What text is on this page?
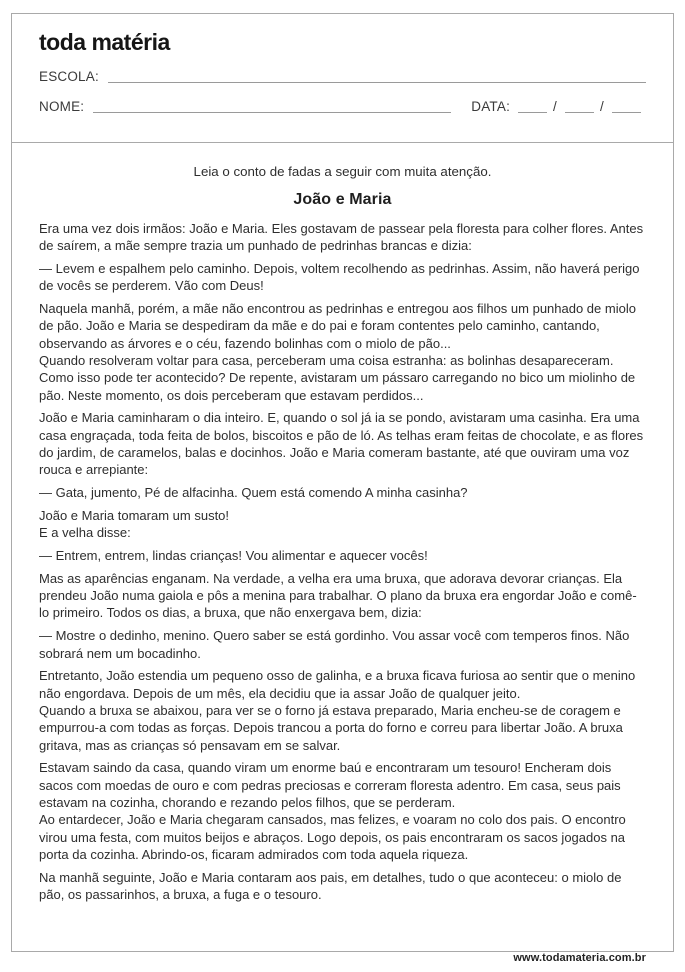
toda matéria
ESCOLA:
NOME:	DATA:	/	/

Leia o conto de fadas a seguir com muita atenção.

João e Maria

Era uma vez dois irmãos: João e Maria. Eles gostavam de passear pela floresta para colher flores. Antes de saírem, a mãe sempre trazia um punhado de pedrinhas brancas e dizia:

— Levem e espalhem pelo caminho. Depois, voltem recolhendo as pedrinhas. Assim, não haverá perigo de vocês se perderem. Vão com Deus!

Naquela manhã, porém, a mãe não encontrou as pedrinhas e entregou aos filhos um punhado de miolo de pão. João e Maria se despediram da mãe e do pai e foram contentes pelo caminho, cantando, observando as árvores e o céu, fazendo bolinhas com o miolo de pão...
Quando resolveram voltar para casa, perceberam uma coisa estranha: as bolinhas desapareceram. Como isso pode ter acontecido? De repente, avistaram um pássaro carregando no bico um miolinho de pão. Neste momento, os dois perceberam que estavam perdidos...

João e Maria caminharam o dia inteiro. E, quando o sol já ia se pondo, avistaram uma casinha. Era uma casa engraçada, toda feita de bolos, biscoitos e pão de ló. As telhas eram feitas de chocolate, e as flores do jardim, de caramelos, balas e docinhos. João e Maria comeram bastante, até que ouviram uma voz rouca e arrepiante:

— Gata, jumento, Pé de alfacinha. Quem está comendo A minha casinha?

João e Maria tomaram um susto!
E a velha disse:

— Entrem, entrem, lindas crianças! Vou alimentar e aquecer vocês!

Mas as aparências enganam. Na verdade, a velha era uma bruxa, que adorava devorar crianças. Ela prendeu João numa gaiola e pôs a menina para trabalhar. O plano da bruxa era engordar João e comê-lo primeiro. Todos os dias, a bruxa, que não enxergava bem, dizia:

— Mostre o dedinho, menino. Quero saber se está gordinho. Vou assar você com temperos finos. Não sobrará nem um bocadinho.

Entretanto, João estendia um pequeno osso de galinha, e a bruxa ficava furiosa ao sentir que o menino não engordava. Depois de um mês, ela decidiu que ia assar João de qualquer jeito.
Quando a bruxa se abaixou, para ver se o forno já estava preparado, Maria encheu-se de coragem e empurrou-a com todas as forças. Depois trancou a porta do forno e correu para libertar João. A bruxa gritava, mas as crianças só pensavam em se salvar.

Estavam saindo da casa, quando viram um enorme baú e encontraram um tesouro! Encheram dois sacos com moedas de ouro e com pedras preciosas e correram floresta adentro. Em casa, seus pais estavam na cozinha, chorando e rezando pelos filhos, que se perderam.
Ao entardecer, João e Maria chegaram cansados, mas felizes, e voaram no colo dos pais. O encontro virou uma festa, com muitos beijos e abraços. Logo depois, os pais encontraram os sacos jogados na porta da cozinha. Abrindo-os, ficaram admirados com toda aquela riqueza.

Na manhã seguinte, João e Maria contaram aos pais, em detalhes, tudo o que aconteceu: o miolo de pão, os passarinhos, a bruxa, a fuga e o tesouro.

www.todamateria.com.br
